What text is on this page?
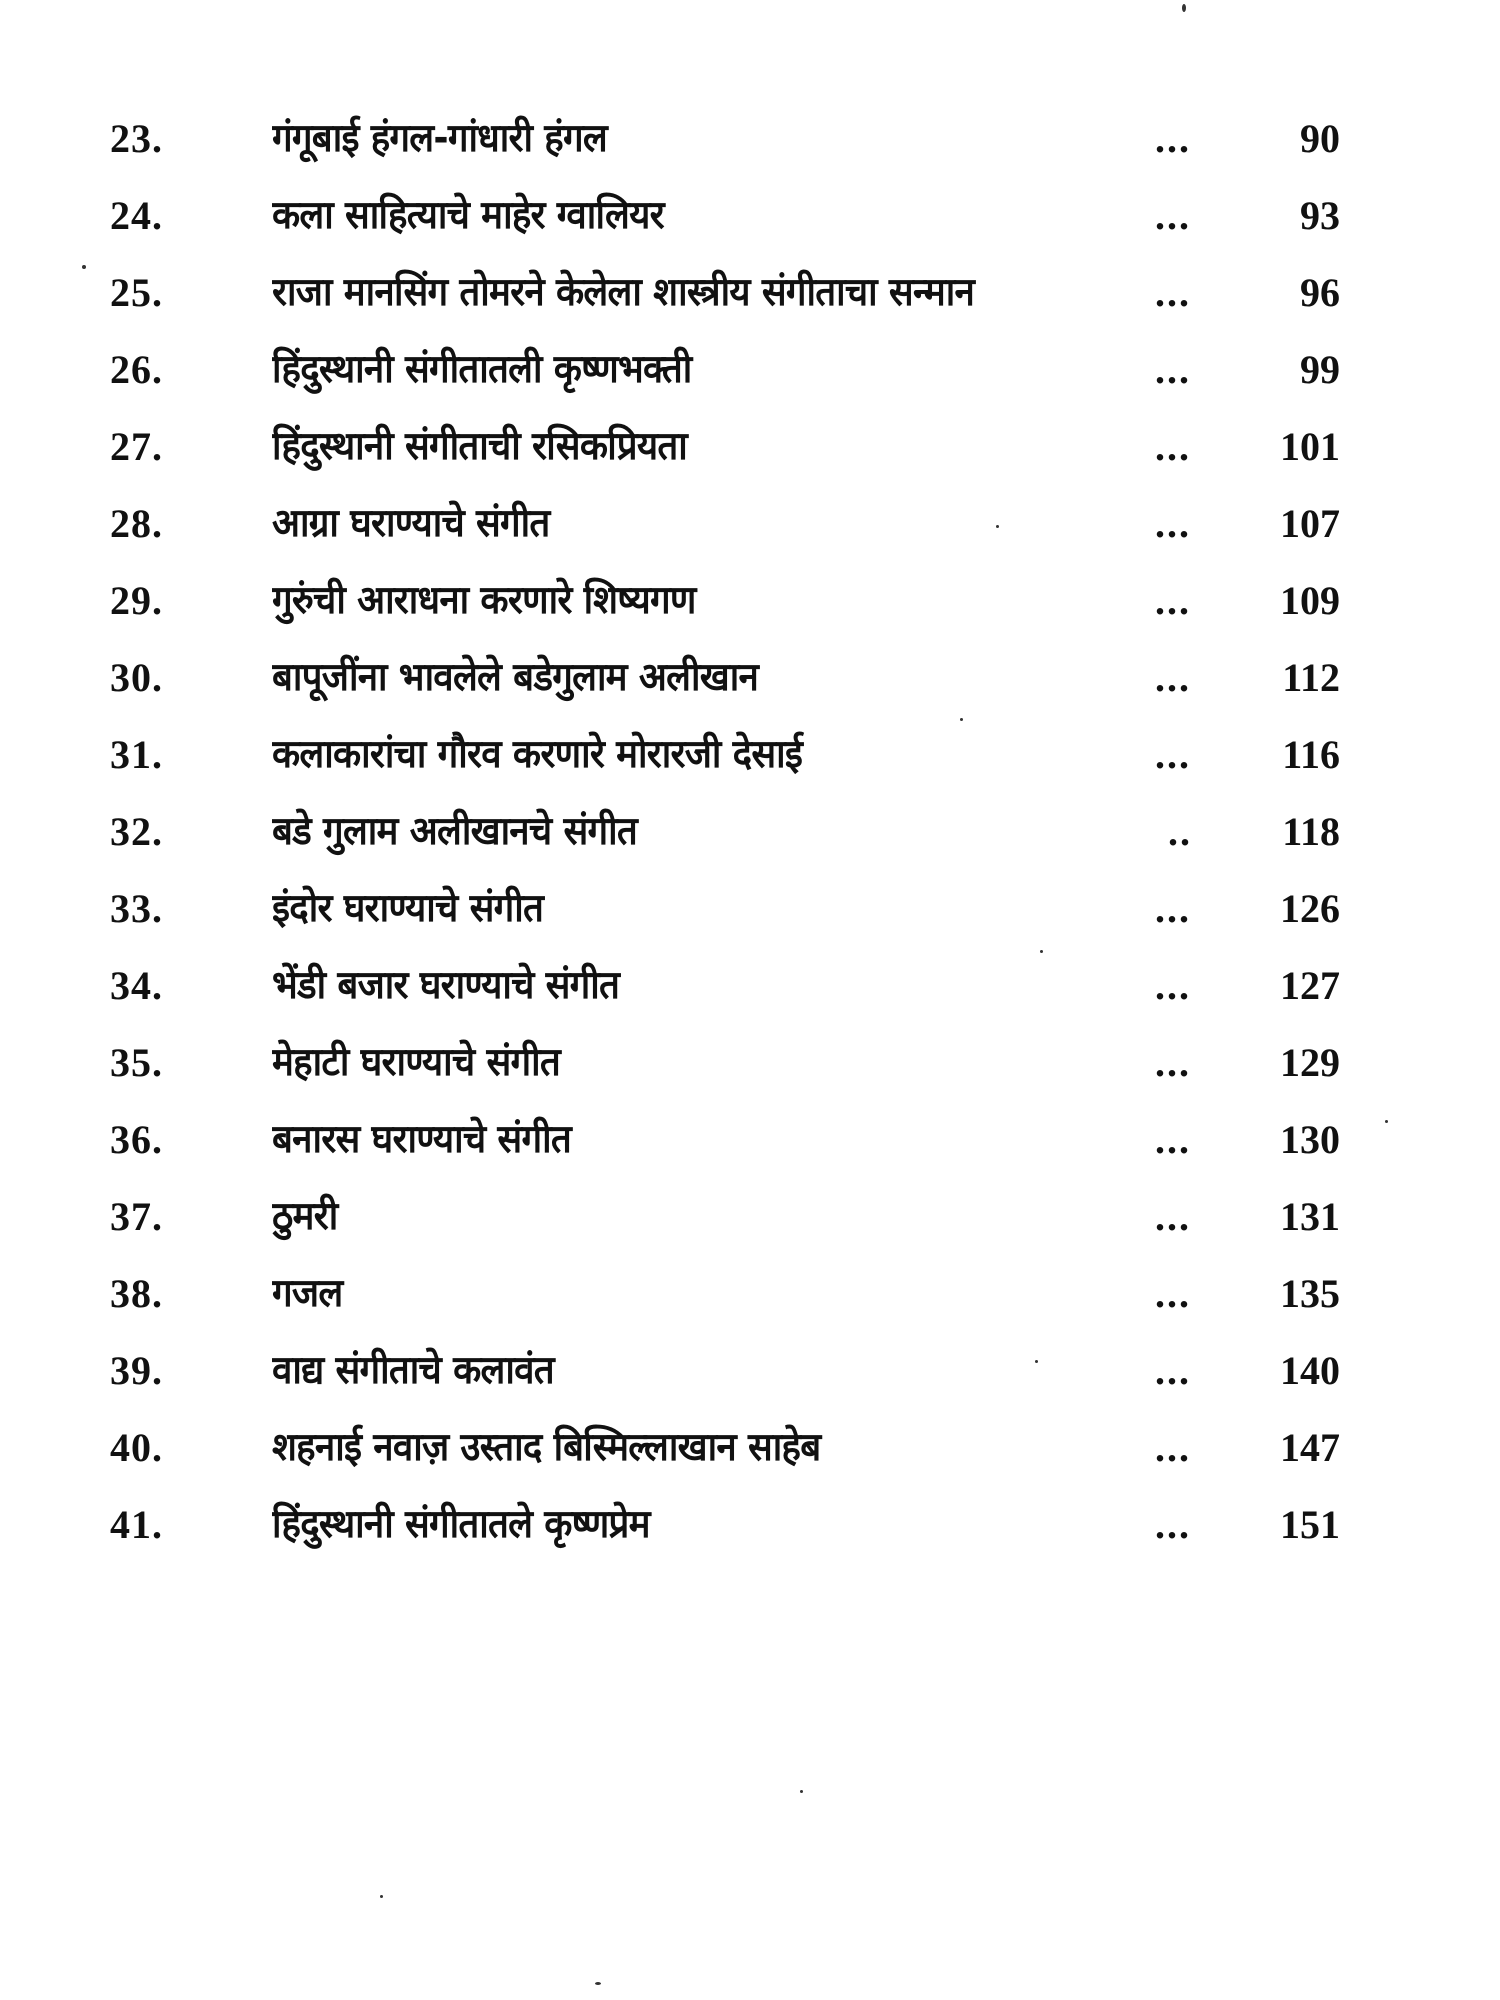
23.	गंगूबाई हंगल-गांधारी हंगल	...	90
24.	कला साहित्याचे माहेर ग्वालियर	...	93
25.	राजा मानसिंग तोमरने केलेला शास्त्रीय संगीताचा सन्मान	...	96
26.	हिंदुस्थानी संगीतातली कृष्णभक्ती	...	99
27.	हिंदुस्थानी संगीताची रसिकप्रियता	...	101
28.	आग्रा घराण्याचे संगीत	...	107
29.	गुरुंची आराधना करणारे शिष्यगण	...	109
30.	बापूजींना भावलेले बडेगुलाम अलीखान	...	112
31.	कलाकारांचा गौरव करणारे मोरारजी देसाई	...	116
32.	बडे गुलाम अलीखानचे संगीत	..	118
33.	इंदोर घराण्याचे संगीत	...	126
34.	भेंडी बजार घराण्याचे संगीत	...	127
35.	मेहाटी घराण्याचे संगीत	...	129
36.	बनारस घराण्याचे संगीत	...	130
37.	ठुमरी	...	131
38.	गजल	...	135
39.	वाद्य संगीताचे कलावंत	...	140
40.	शहनाई नवाज़ उस्ताद बिस्मिल्लाखान साहेब	...	147
41.	हिंदुस्थानी संगीतातले कृष्णप्रेम	...	151
